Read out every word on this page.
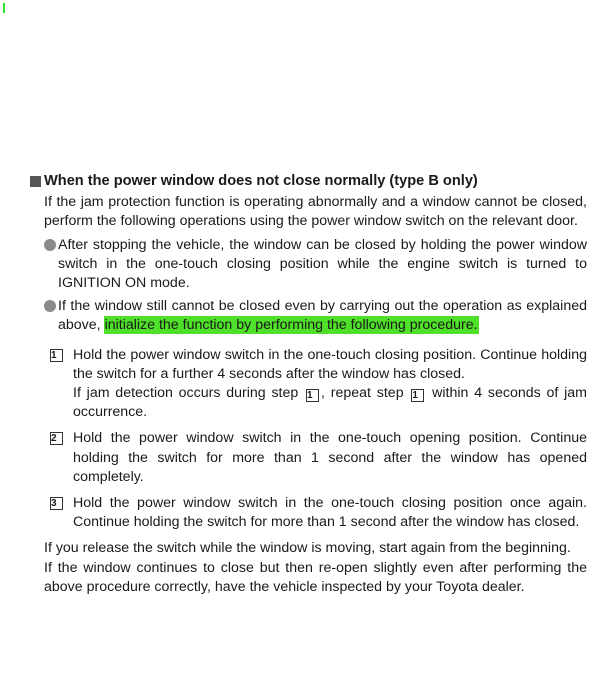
When the power window does not close normally (type B only)

If the jam protection function is operating abnormally and a window cannot be closed, perform the following operations using the power window switch on the relevant door.

After stopping the vehicle, the window can be closed by holding the power window switch in the one-touch closing position while the engine switch is turned to IGNITION ON mode.
If the window still cannot be closed even by carrying out the operation as explained above, initialize the function by performing the following procedure.
1	Hold the power window switch in the one-touch closing position. Continue holding the switch for a further 4 seconds after the window has closed.
If jam detection occurs during step 1 , repeat step 1 within 4 seconds of jam occurrence.
2	Hold the power window switch in the one-touch opening position. Continue holding the switch for more than 1 second after the window has opened completely.
3	Hold the power window switch in the one-touch closing position once again. Continue holding the switch for more than 1 second after the window has closed.

If you release the switch while the window is moving, start again from the beginning.

If the window continues to close but then re-open slightly even after performing the above procedure correctly, have the vehicle inspected by your Toyota dealer.
